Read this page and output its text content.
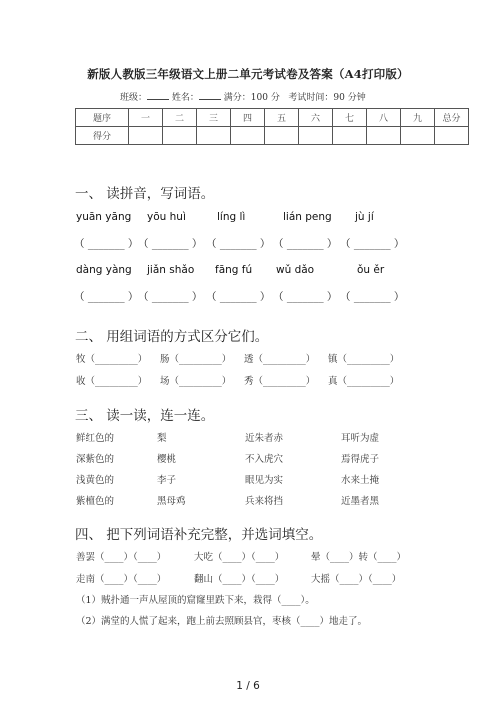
新版人教版三年级语文上册二单元考试卷及答案（A4打印版）
班级：	姓名：	满分：100 分 考试时间：90 分钟
题序	一	二	三	四	五	六	七	八	九	总分
得分										
一、 读拼音，写词语。
yuān yāng yōu huì	líng lì	lián peng jù jí
（ _______ ） （ _______ ） （ _______ ） （ _______ ） （ _______ ）
dàng yàng jiǎn shǎo fāng fú wǔ dǎo	ǒu ěr
（ _______ ） （ _______ ） （ _______ ） （ _______ ） （ _______ ）
二、 用组词语的方式区分它们。
牧（_________） 肠（_________） 透（_________） 镇（_________）
收（_________） 场（_________） 秀（_________） 真（_________）
三、 读一读，连一连。
鲜红色的	梨	近朱者赤	耳听为虚
深紫色的	樱桃	不入虎穴	焉得虎子
浅黄色的	李子	眼见为实	水来土掩
紫檀色的	黑母鸡	兵来将挡	近墨者黑
四、 把下列词语补充完整，并选词填空。
善罢（____）（____）	大吃（____）（____）	晕（____）转（____）
走南（____）（____）	翻山（____）（____）	大摇（____）（____）
（1）贼扑通一声从屋顶的窟窿里跌下来，栽得（____）。
（2）满堂的人慌了起来，跑上前去照顾县官，枣核（____）地走了。
1 / 6
